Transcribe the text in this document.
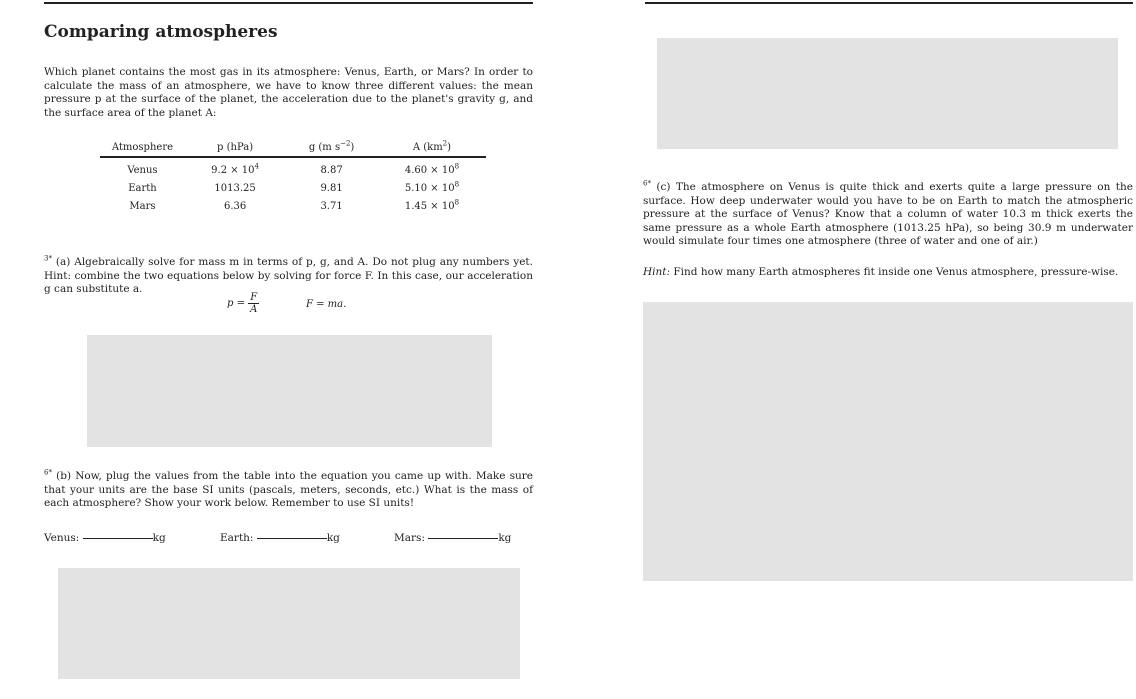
Comparing atmospheres
Which planet contains the most gas in its atmosphere: Venus, Earth, or Mars? In order to calculate the mass of an atmosphere, we have to know three different values: the mean pressure p at the surface of the planet, the acceleration due to the planet's gravity g, and the surface area of the planet A:
Atmosphere	p (hPa)	g (m $s^{-2}$)	A $(km^2)$
Venus	$9.2 \times 10^4$	8.87	$4.60 \times 10^8$
Earth	1013.25	9.81	$5.10 \times 10^8$
Mars	6.36	3.71	$1.45 \times 10^8$
$^{3*}$ (a) Algebraically solve for mass m in terms of p, g, and A. Do not plug any numbers yet. Hint: combine the two equations below by solving for force F. In this case, our acceleration g can substitute a.
$p = \frac{F}{A}$	F = ma.
$^{6*}$ (b) Now, plug the values from the table into the equation you came up with. Make sure that your units are the base SI units (pascals, meters, seconds, etc.) What is the mass of each atmosphere? Show your work below. Remember to use SI units!
Venus:	kg	Earth:	kg	Mars:	kg
$^{6*}$ (c) The atmosphere on Venus is quite thick and exerts quite a large pressure on the surface. How deep underwater would you have to be on Earth to match the atmospheric pressure at the surface of Venus? Know that a column of water 10.3 m thick exerts the same pressure as a whole Earth atmosphere (1013.25 hPa), so being 30.9 m underwater would simulate four times one atmosphere (three of water and one of air.)
Hint: Find how many Earth atmospheres fit inside one Venus atmosphere, pressure-wise.
